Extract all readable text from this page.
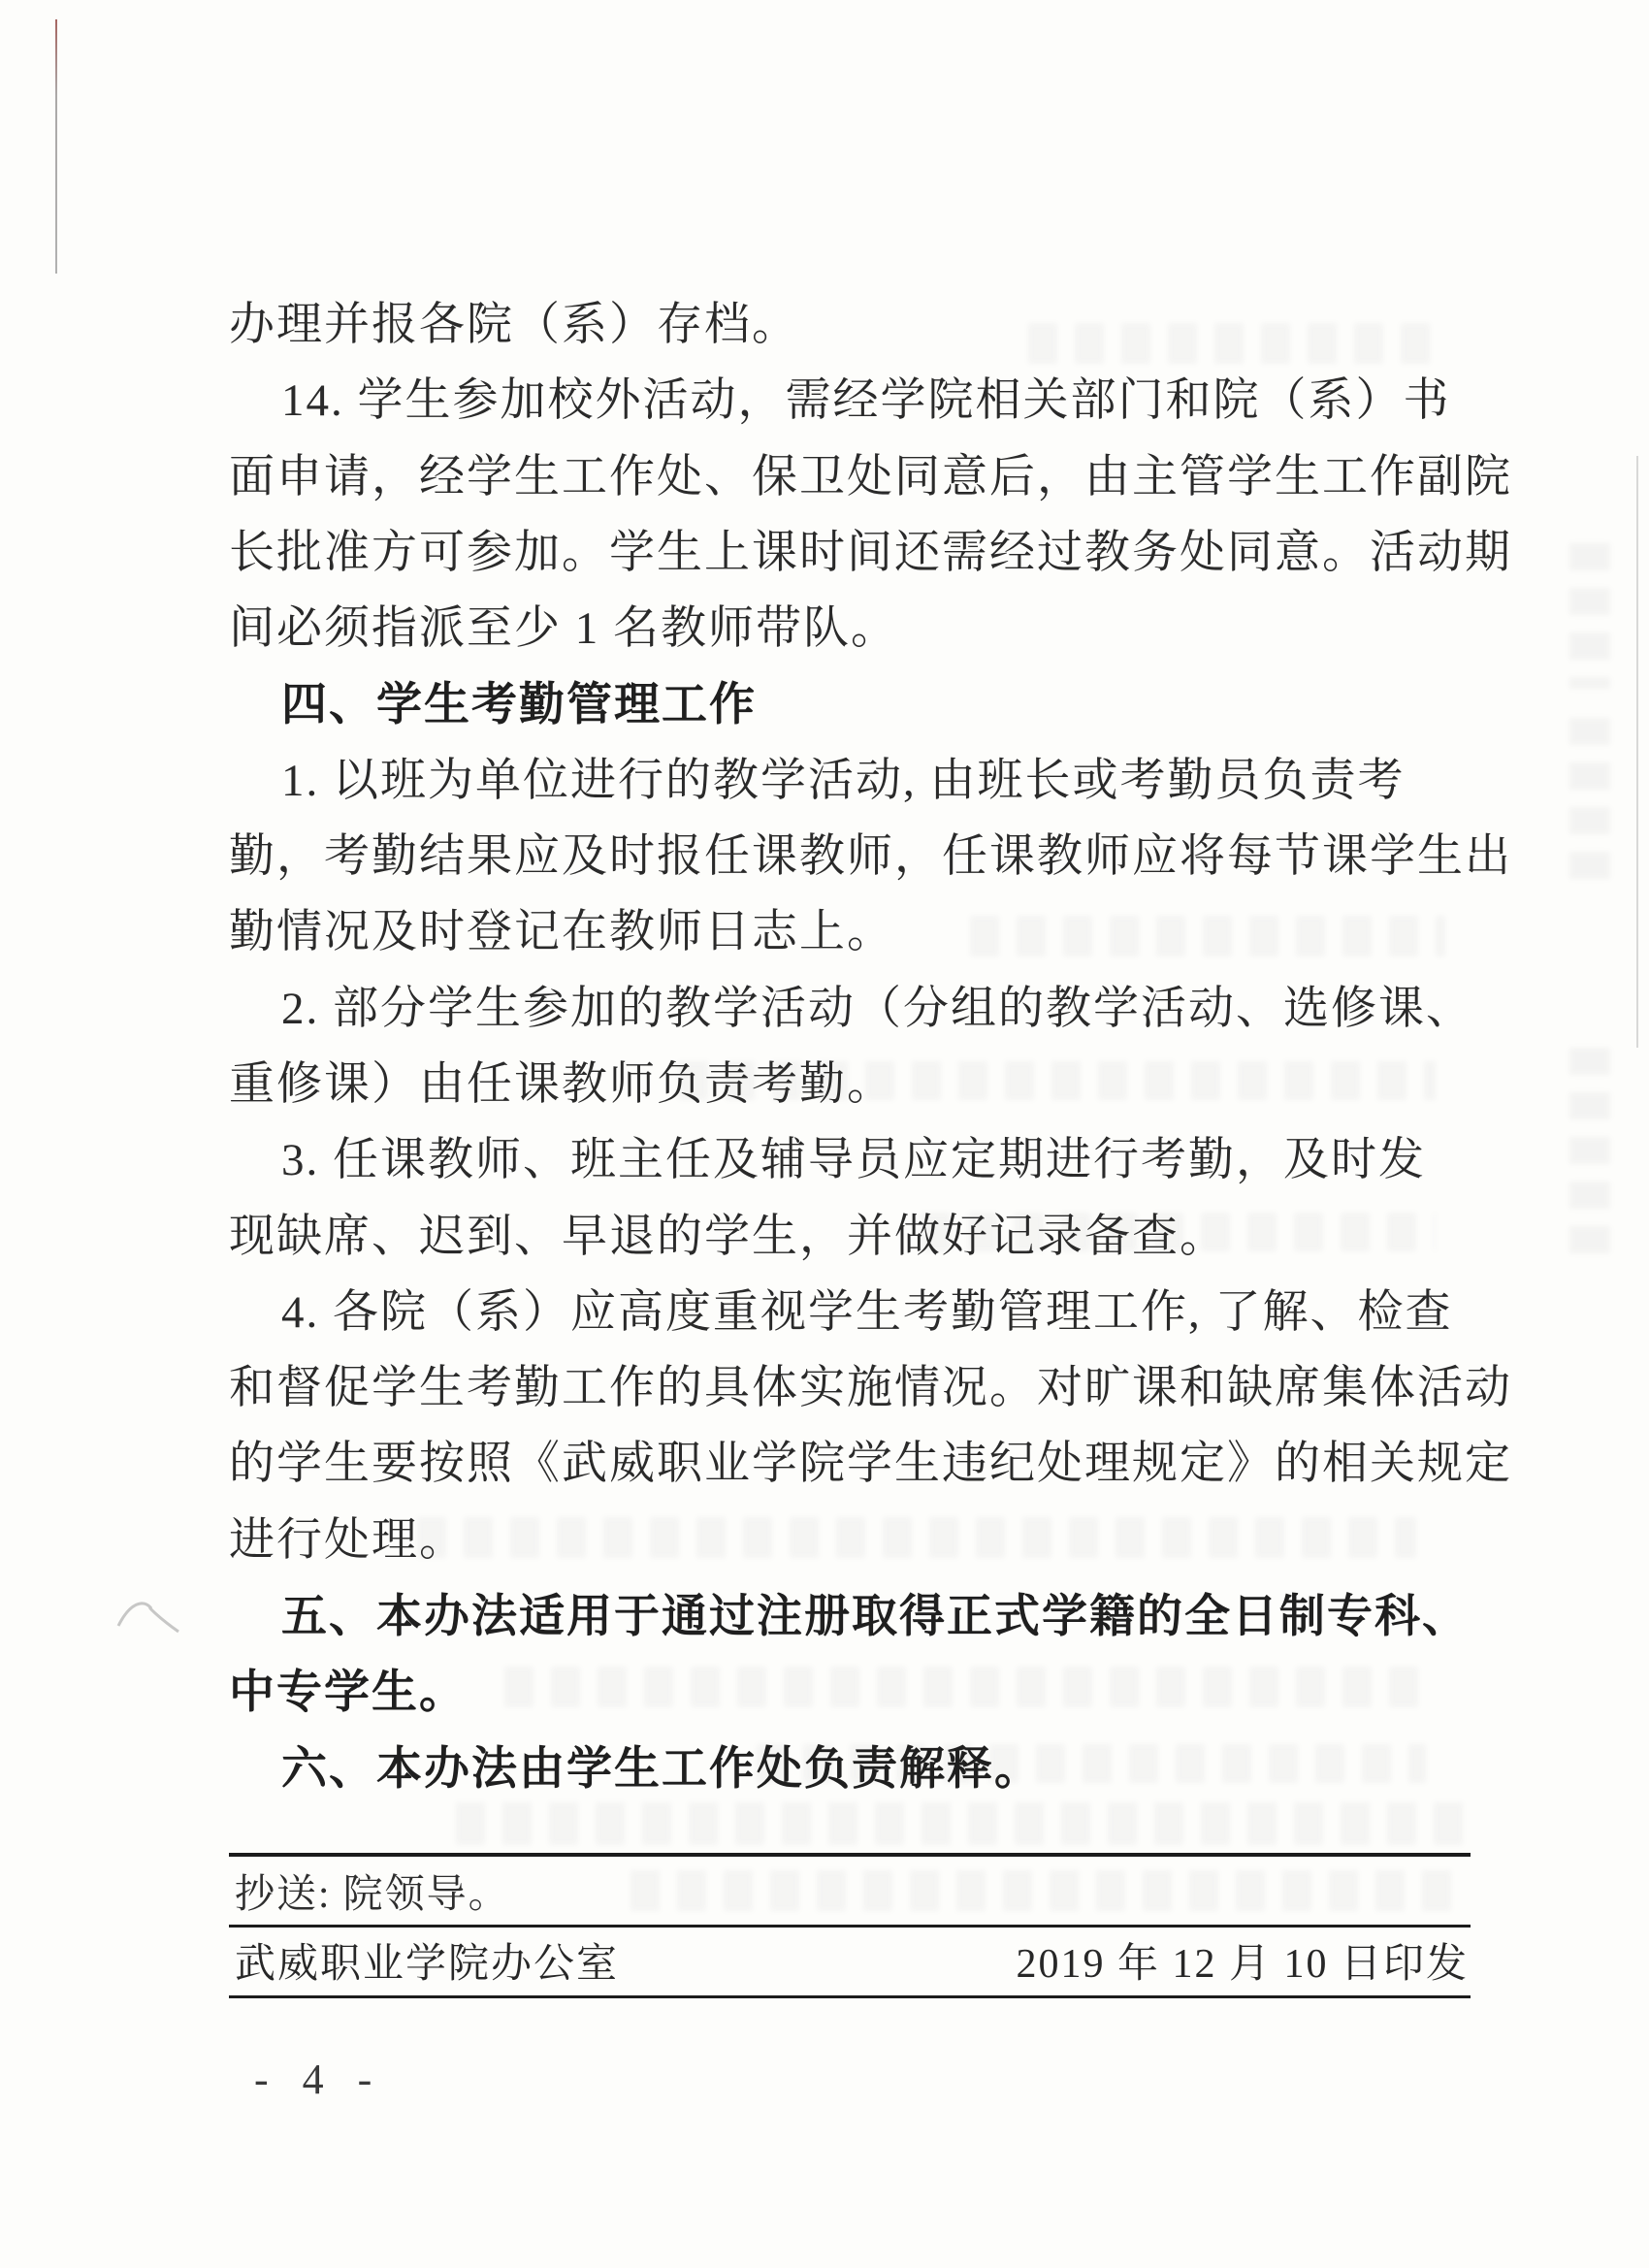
办理并报各院（系）存档。
14. 学生参加校外活动，需经学院相关部门和院（系）书
面申请，经学生工作处、保卫处同意后，由主管学生工作副院
长批准方可参加。学生上课时间还需经过教务处同意。活动期
间必须指派至少 1 名教师带队。
四、学生考勤管理工作
1. 以班为单位进行的教学活动, 由班长或考勤员负责考
勤，考勤结果应及时报任课教师，任课教师应将每节课学生出
勤情况及时登记在教师日志上。
2. 部分学生参加的教学活动（分组的教学活动、选修课、
重修课）由任课教师负责考勤。
3. 任课教师、班主任及辅导员应定期进行考勤，及时发
现缺席、迟到、早退的学生，并做好记录备查。
4. 各院（系）应高度重视学生考勤管理工作, 了解、检查
和督促学生考勤工作的具体实施情况。对旷课和缺席集体活动
的学生要按照《武威职业学院学生违纪处理规定》的相关规定
进行处理。
五、本办法适用于通过注册取得正式学籍的全日制专科、
中专学生。
六、本办法由学生工作处负责解释。
抄送: 院领导。
武威职业学院办公室	2019 年 12 月 10 日印发
- 4 -
